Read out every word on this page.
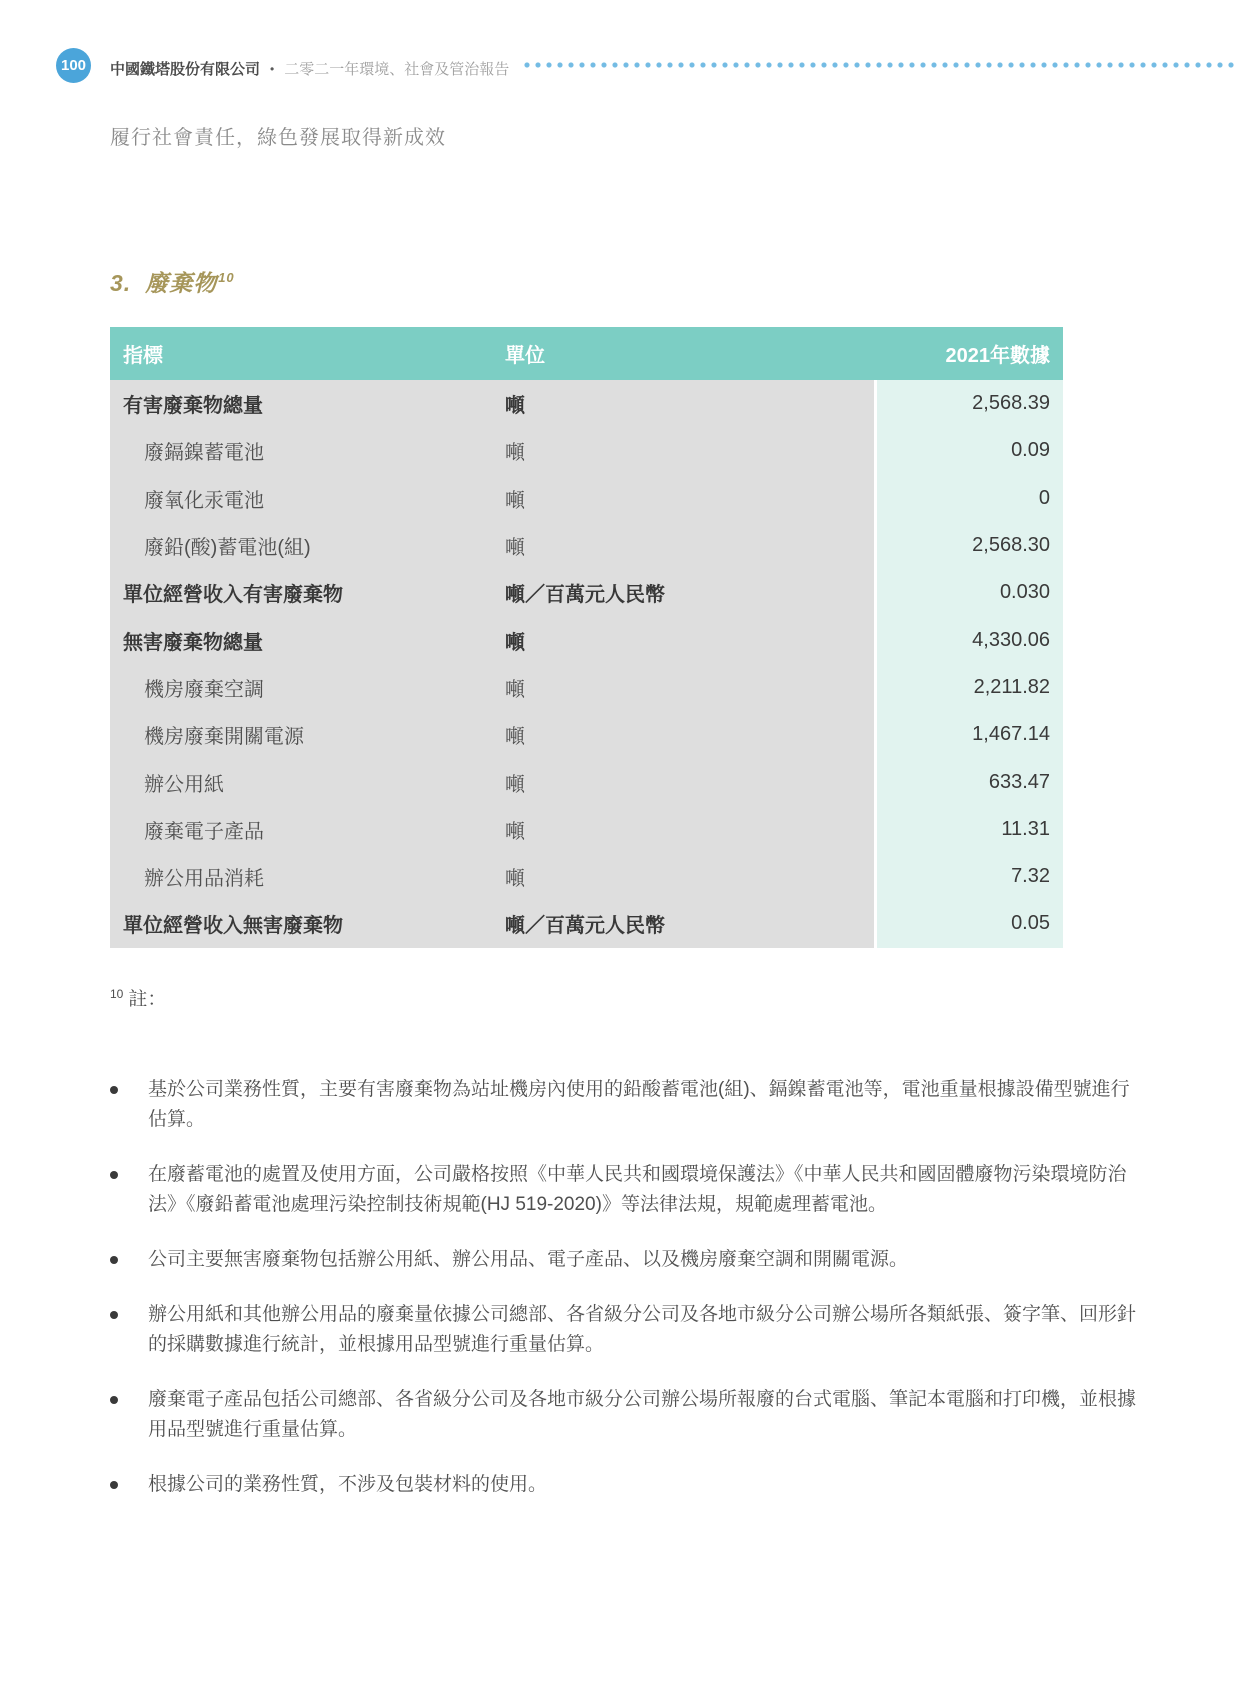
100	中國鐵塔股份有限公司 • 二零二一年環境、社會及管治報告
履行社會責任，綠色發展取得新成效
3. 廢棄物$^{10}$
指標	單位	2021年數據
有害廢棄物總量	噸	2,568.39
廢鎘鎳蓄電池	噸	0.09
廢氧化汞電池	噸	0
廢鉛(酸)蓄電池(組)	噸	2,568.30
單位經營收入有害廢棄物	噸／百萬元人民幣	0.030
無害廢棄物總量	噸	4,330.06
機房廢棄空調	噸	2,211.82
機房廢棄開關電源	噸	1,467.14
辦公用紙	噸	633.47
廢棄電子產品	噸	11.31
辦公用品消耗	噸	7.32
單位經營收入無害廢棄物	噸／百萬元人民幣	0.05
$^{10}$ 註：
基於公司業務性質，主要有害廢棄物為站址機房內使用的鉛酸蓄電池(組)、鎘鎳蓄電池等，電池重量根據設備型號進行估算。
在廢蓄電池的處置及使用方面，公司嚴格按照《中華人民共和國環境保護法》《中華人民共和國固體廢物污染環境防治法》《廢鉛蓄電池處理污染控制技術規範(HJ 519-2020)》等法律法規，規範處理蓄電池。
公司主要無害廢棄物包括辦公用紙、辦公用品、電子產品、以及機房廢棄空調和開關電源。
辦公用紙和其他辦公用品的廢棄量依據公司總部、各省級分公司及各地市級分公司辦公場所各類紙張、簽字筆、回形針的採購數據進行統計，並根據用品型號進行重量估算。
廢棄電子產品包括公司總部、各省級分公司及各地市級分公司辦公場所報廢的台式電腦、筆記本電腦和打印機，並根據用品型號進行重量估算。
根據公司的業務性質，不涉及包裝材料的使用。
